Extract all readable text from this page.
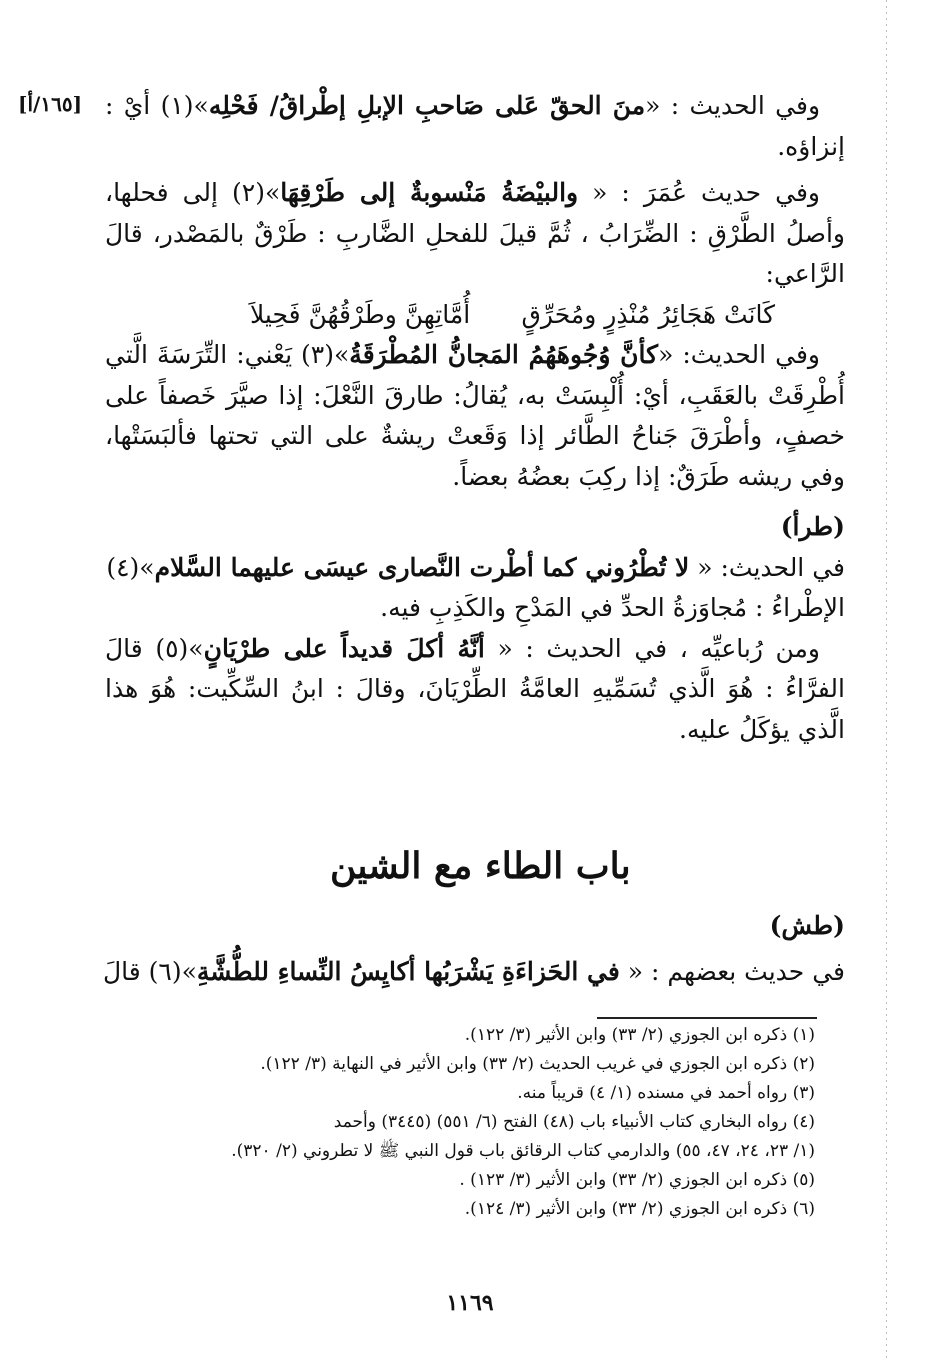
[١٦٥/أ]	وفي الحديث : «منَ الحقّ عَلى صَاحبِ الإبلِ إطْراقُ/ فَحْلِه»(١) أيْ : إنزاؤه.

وفي حديث عُمَرَ : « والبيْضَةُ مَنْسوبةٌ إلى طَرْقِهَا»(٢) إلى فحلها، وأصلُ الطَّرْقِ : الضِّرَابُ ، ثُمَّ قيلَ للفحلِ الضَّاربِ : طَرْقٌ بالمَصْدر، قالَ الرَّاعي:

كَانَتْ هَجَائِرُ مُنْذِرٍ ومُحَرِّقٍ
أُمَّاتِهِنَّ وطَرْقُهُنَّ فَحِيلاَ

وفي الحديث: «كأنَّ وُجُوهَهُمُ المَجانُّ المُطْرَقَةُ»(٣) يَعْني: التِّرَسَةَ الَّتي أُطْرِقَتْ بالعَقَبِ، أيْ: أُلْبِسَتْ به، يُقالُ: طارقَ النَّعْلَ: إذا صيَّرَ خَصفاً على خصفٍ، وأطْرَقَ جَناحُ الطَّائر إذا وَقَعتْ ريشةٌ على التي تحتها فألبَسَتْها، وفي ريشه طَرَقٌ: إذا ركِبَ بعضُهُ بعضاً.

(طرأ)

في الحديث: « لا تُطْرُوني كما أطْرت النَّصارى عيسَى عليهما السَّلام»(٤)

الإطْراءُ : مُجاوَزةُ الحدِّ في المَدْحِ والكَذِبِ فيه.

ومن رُباعيِّه ، في الحديث : « أنَّهُ أكلَ قديداً على طرْيَانٍ»(٥) قالَ الفرَّاءُ : هُوَ الَّذي تُسَمِّيهِ العامَّةُ الطِّرْيَانَ، وقالَ : ابنُ السِّكِّيت: هُوَ هذا الَّذي يؤكَلُ عليه.

باب الطاء مع الشين

(طش)

في حديث بعضهم : « في الحَزاءَةِ يَشْرَبُها أكايِسُ النِّساءِ للطُّشَّةِ»(٦) قالَ

(١) ذكره ابن الجوزي (٢/ ٣٣) وابن الأثير (٣/ ١٢٢).

(٢) ذكره ابن الجوزي في غريب الحديث (٢/ ٣٣) وابن الأثير في النهاية (٣/ ١٢٢).

(٣) رواه أحمد في مسنده (١/ ٤) قريباً منه.

(٤) رواه البخاري كتاب الأنبياء باب (٤٨) الفتح (٦/ ٥٥١) (٣٤٤٥) وأحمد

(١/ ٢٣، ٢٤، ٤٧، ٥٥) والدارمي كتاب الرقائق باب قول النبي ﷺ لا تطروني (٢/ ٣٢٠).

(٥) ذكره ابن الجوزي (٢/ ٣٣) وابن الأثير (٣/ ١٢٣) .

(٦) ذكره ابن الجوزي (٢/ ٣٣) وابن الأثير (٣/ ١٢٤).

١١٦٩
